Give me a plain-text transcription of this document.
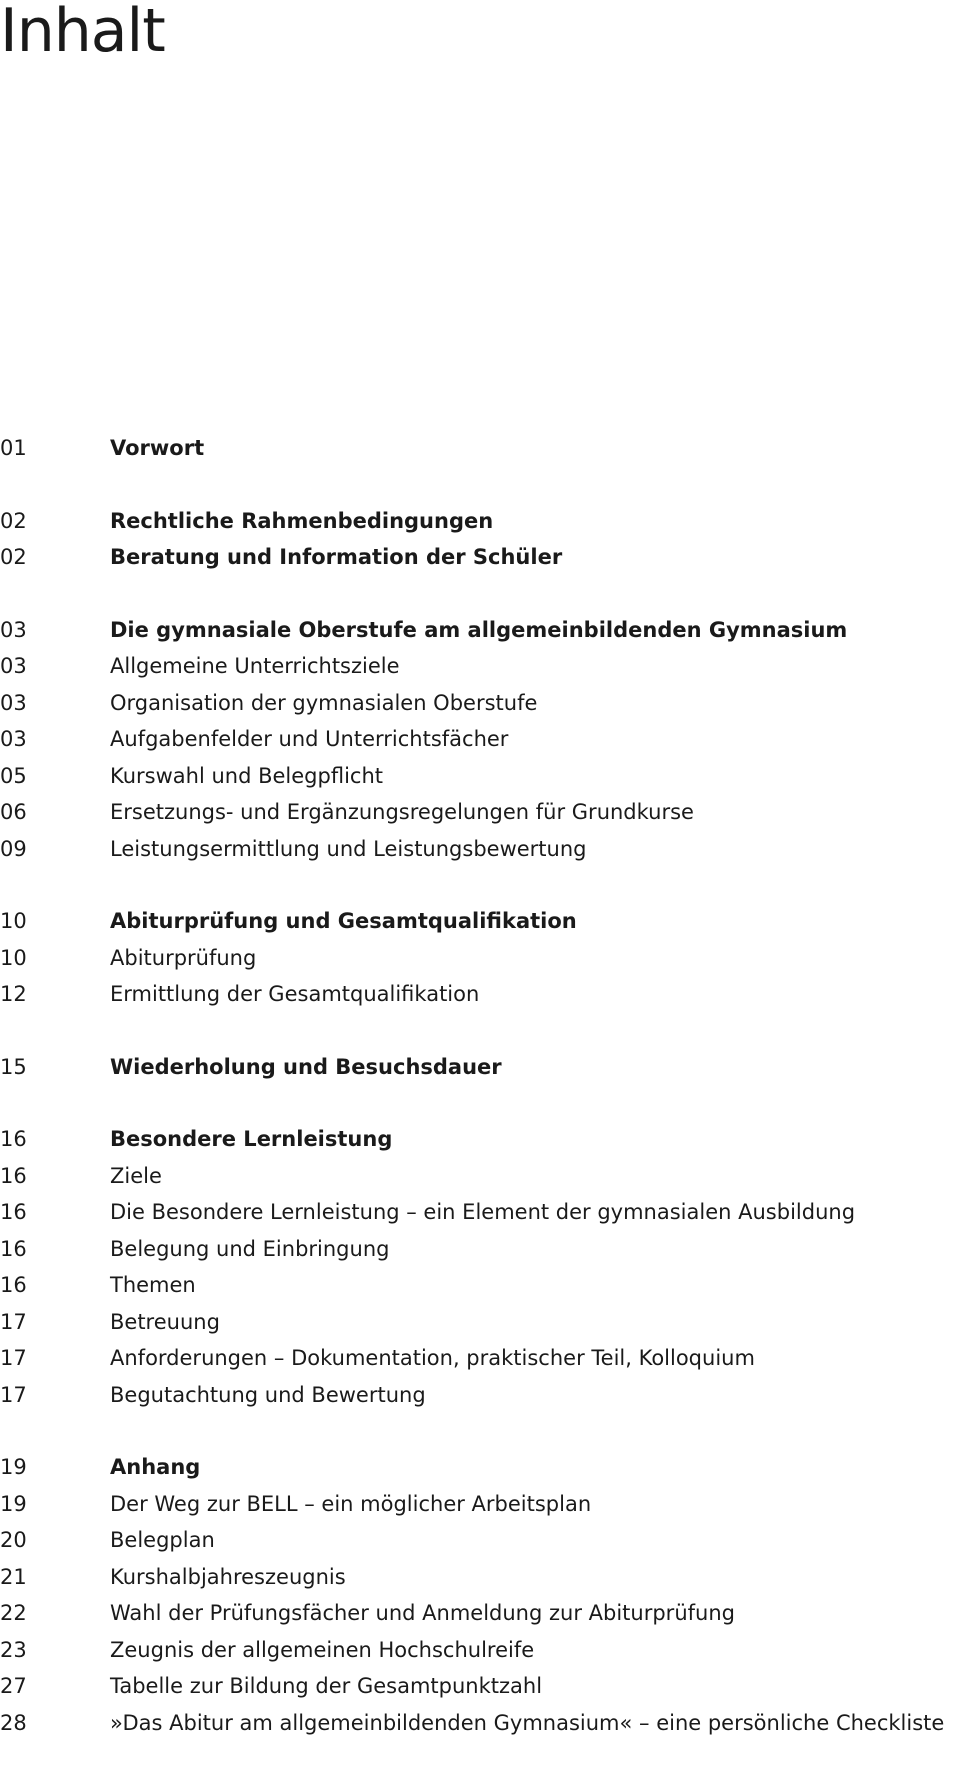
Inhalt
01	Vorwort
02	Rechtliche Rahmenbedingungen
02	Beratung und Information der Schüler
03	Die gymnasiale Oberstufe am allgemeinbildenden Gymnasium
03	Allgemeine Unterrichtsziele
03	Organisation der gymnasialen Oberstufe
03	Aufgabenfelder und Unterrichtsfächer
05	Kurswahl und Belegpflicht
06	Ersetzungs- und Ergänzungsregelungen für Grundkurse
09	Leistungsermittlung und Leistungsbewertung
10	Abiturprüfung und Gesamtqualifikation
10	Abiturprüfung
12	Ermittlung der Gesamtqualifikation
15	Wiederholung und Besuchsdauer
16	Besondere Lernleistung
16	Ziele
16	Die Besondere Lernleistung – ein Element der gymnasialen Ausbildung
16	Belegung und Einbringung
16	Themen
17	Betreuung
17	Anforderungen – Dokumentation, praktischer Teil, Kolloquium
17	Begutachtung und Bewertung
19	Anhang
19	Der Weg zur BELL – ein möglicher Arbeitsplan
20	Belegplan
21	Kurshalbjahreszeugnis
22	Wahl der Prüfungsfächer und Anmeldung zur Abiturprüfung
23	Zeugnis der allgemeinen Hochschulreife
27	Tabelle zur Bildung der Gesamtpunktzahl
28	»Das Abitur am allgemeinbildenden Gymnasium« – eine persönliche Checkliste
